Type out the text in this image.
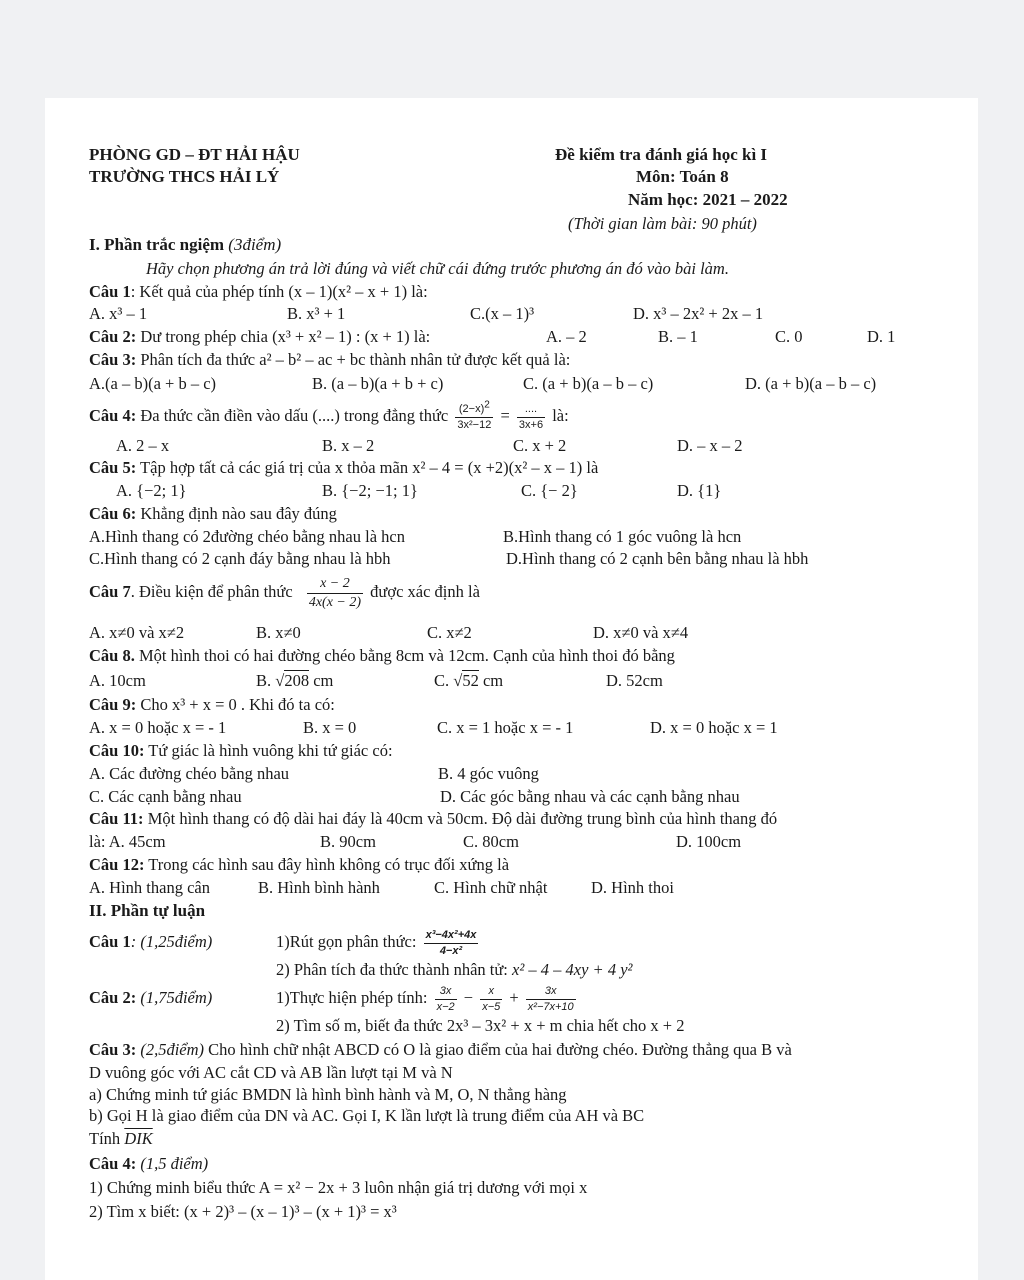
PHÒNG GD – ĐT HẢI HẬU
TRƯỜNG THCS HẢI LÝ
Đề kiểm tra đánh giá học kì I
Môn: Toán 8
Năm học: 2021 – 2022
(Thời gian làm bài: 90 phút)
I. Phần trắc ngiệm (3điểm)
Hãy chọn phương án trả lời đúng và viết chữ cái đứng trước phương án đó vào bài làm.
Câu 1: Kết quả của phép tính (x – 1)(x² – x + 1) là:
A. x³ – 1	B. x³ + 1	C.(x – 1)³	D. x³ – 2x² + 2x – 1
Câu 2: Dư trong phép chia (x³ + x² – 1) : (x + 1) là:	A. – 2	B. – 1	C. 0	D. 1
Câu 3: Phân tích đa thức a² – b² – ac + bc thành nhân tử được kết quả là:
A.(a – b)(a + b – c)	B. (a – b)(a + b + c)	C. (a + b)(a – b – c)	D. (a + b)(a – b – c)
Câu 4: Đa thức cần điền vào dấu (....) trong đẳng thức $\frac{(2-x)^2}{\text{3x²−12}} = \frac{....}{3x+6}$ là:
A. 2 – x	B. x – 2	C. x + 2	D. – x – 2
Câu 5: Tập hợp tất cả các giá trị của x thỏa mãn x² – 4 = (x +2)(x² – x – 1) là
A. {−2; 1}	B. {−2; −1; 1}	C. {− 2}	D. {1}
Câu 6: Khẳng định nào sau đây đúng
A.Hình thang có 2đường chéo bằng nhau là hcn	B.Hình thang có 1 góc vuông là hcn
C.Hình thang có 2 cạnh đáy bằng nhau là hbh	D.Hình thang có 2 cạnh bên bằng nhau là hbh
Câu 7. Điều kiện để phân thức $\frac{x - 2}{4x(x - 2)}$ được xác định là
A. x≠0 và x≠2	B. x≠0	C. x≠2	D. x≠0 và x≠4
Câu 8. Một hình thoi có hai đường chéo bằng 8cm và 12cm. Cạnh của hình thoi đó bằng
A. 10cm	B. √208 cm	C. √52 cm	D. 52cm
Câu 9: Cho x³ + x = 0 . Khi đó ta có:
A. x = 0 hoặc x = - 1	B. x = 0	C. x = 1 hoặc x = - 1	D. x = 0 hoặc x = 1
Câu 10: Tứ giác là hình vuông khi tứ giác có:
A. Các đường chéo bằng nhau	B. 4 góc vuông
C. Các cạnh bằng nhau	D. Các góc bằng nhau và các cạnh bằng nhau
Câu 11: Một hình thang có độ dài hai đáy là 40cm và 50cm. Độ dài đường trung bình của hình thang đó
là: A. 45cm	B. 90cm	C. 80cm	D. 100cm
Câu 12: Trong các hình sau đây hình không có trục đối xứng là
A. Hình thang cân	B. Hình bình hành	C. Hình chữ nhật	D. Hình thoi
II. Phần tự luận
Câu 1: (1,25điểm)	1)Rút gọn phân thức: $\frac{\text{x³−4x²+4x}}{\text{4−x²}}$
2) Phân tích đa thức thành nhân tử: x² – 4 – 4xy + 4 y²
Câu 2: (1,75điểm)	1)Thực hiện phép tính: $\frac{3x}{x-2} - \frac{x}{x-5} + \frac{3x}{\text{x²−7x+10}}$
2) Tìm số m, biết đa thức 2x³ – 3x² + x + m chia hết cho x + 2
Câu 3: (2,5điểm) Cho hình chữ nhật ABCD có O là giao điểm của hai đường chéo. Đường thẳng qua B và
D vuông góc với AC cắt CD và AB lần lượt tại M và N
a) Chứng minh tứ giác BMDN là hình bình hành và M, O, N thẳng hàng
b) Gọi H là giao điểm của DN và AC. Gọi I, K lần lượt là trung điểm của AH và BC
Tính $\overline{DIK}$
Câu 4: (1,5 điểm)
1) Chứng minh biểu thức A = x² − 2x + 3 luôn nhận giá trị dương với mọi x
2) Tìm x biết: (x + 2)³ – (x – 1)³ – (x + 1)³ = x³
